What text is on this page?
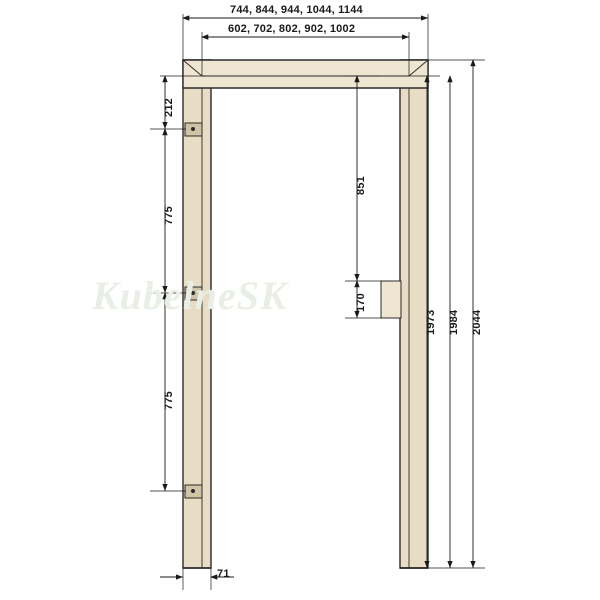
KubelneSK
744, 844, 944, 1044, 1144
602, 702, 802, 902, 1002
212
775
775
851
170
1973 1984 2044
71
